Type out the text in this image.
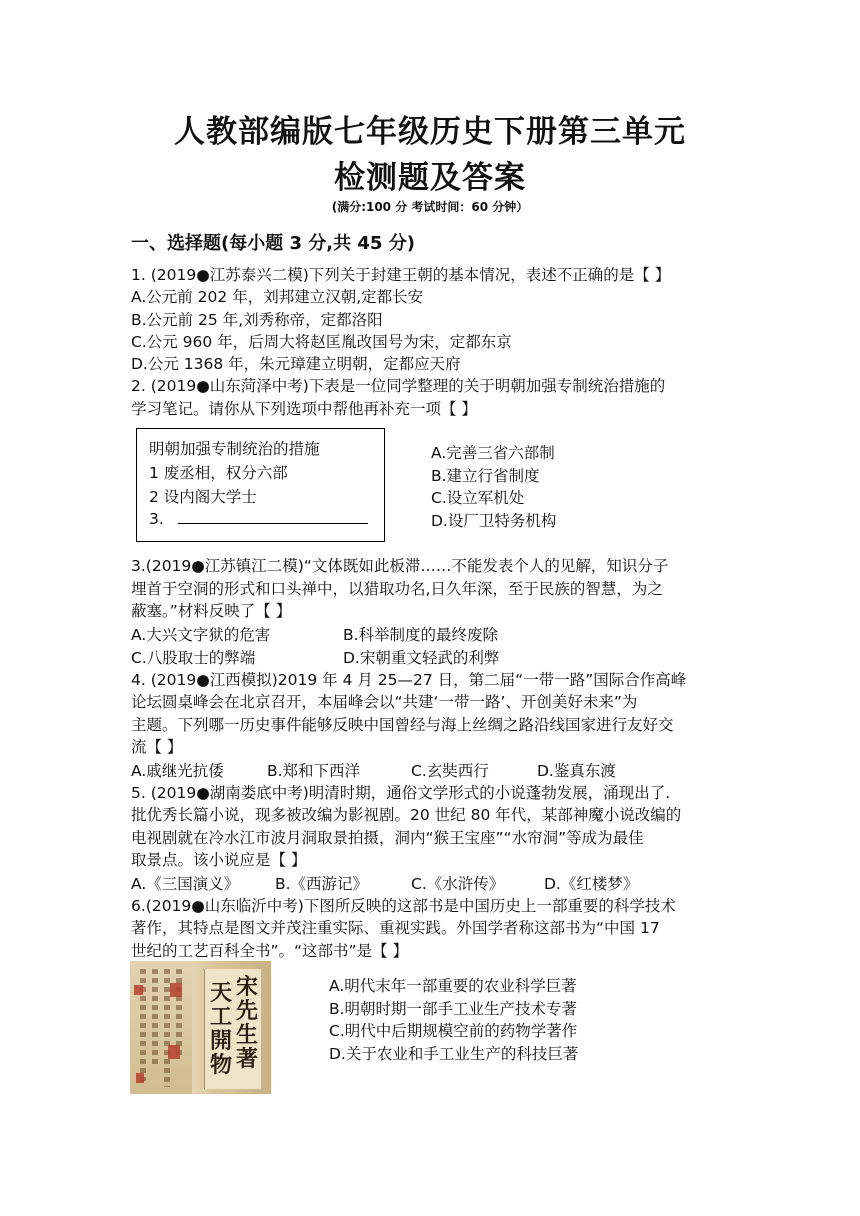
人教部编版七年级历史下册第三单元
检测题及答案
(满分:100 分 考试时间：60 分钟）
一、选择题(每小题 3 分,共 45 分)
1. (2019●江苏泰兴二模)下列关于封建王朝的基本情况，表述不正确的是【 】
A.公元前 202 年，刘邦建立汉朝,定都长安
B.公元前 25 年,刘秀称帝，定都洛阳
C.公元 960 年，后周大将赵匡胤改国号为宋，定都东京
D.公元 1368 年，朱元璋建立明朝，定都应天府
2. (2019●山东菏泽中考)下表是一位同学整理的关于明朝加强专制统治措施的
学习笔记。请你从下列选项中帮他再补充一项【 】
明朝加强专制统治的措施
1 废丞相，权分六部
2 设内阁大学士
3.
A.完善三省六部制
B.建立行省制度
C.设立军机处
D.设厂卫特务机构
3.(2019●江苏镇江二模)“文体既如此板滞……不能发表个人的见解，知识分子
埋首于空洞的形式和口头禅中，以猎取功名,日久年深，至于民族的智慧，为之
蔽塞。”材料反映了【 】
A.大兴文字狱的危害	B.科举制度的最终废除
C.八股取士的弊端	D.宋朝重文轻武的利弊
4. (2019●江西模拟)2019 年 4 月 25—27 日，第二届“一带一路”国际合作高峰
论坛圆桌峰会在北京召开，本届峰会以“共建‘一带一路’、开创美好未来”为
主题。下列哪一历史事件能够反映中国曾经与海上丝绸之路沿线国家进行友好交
流【 】
A.戚继光抗倭	B.郑和下西洋	C.玄奘西行	D.鉴真东渡
5. (2019●湖南娄底中考)明清时期，通俗文学形式的小说蓬勃发展，涌现出了.
批优秀长篇小说，现多被改编为影视剧。20 世纪 80 年代，某部神魔小说改编的
电视剧就在冷水江市波月洞取景拍摄，洞内“猴王宝座”“水帘洞”等成为最佳
取景点。该小说应是【 】
A.《三国演义》 B.《西游记》	C.《水浒传》	D.《红楼梦》
6.(2019●山东临沂中考)下图所反映的这部书是中国历史上一部重要的科学技术
著作，其特点是图文并茂注重实际、重视实践。外国学者称这部书为“中国 17
世纪的工艺百科全书”。“这部书”是【 】
宋先生著
天工開物
A.明代末年一部重要的农业科学巨著
B.明朝时期一部手工业生产技术专著
C.明代中后期规模空前的药物学著作
D.关于农业和手工业生产的科技巨著
